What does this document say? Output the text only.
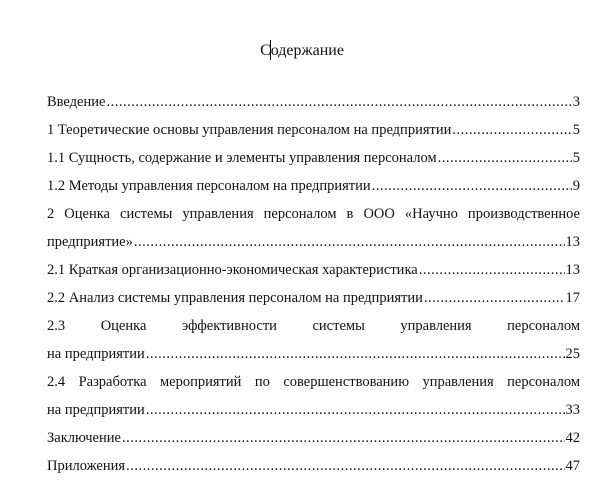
Содержание
Введение .....	3
1 Теоретические основы управления персоналом на предприятии .....	5
1.1 Сущность, содержание и элементы управления персоналом .....	5
1.2 Методы управления персоналом на предприятии .....	9
2 Оценка системы управления персоналом в ООО «Научно производственное
предприятие» .....	13
2.1 Краткая организационно-экономическая характеристика .....	13
2.2 Анализ системы управления персоналом на предприятии .....	17
2.3 Оценка эффективности системы управления персоналом
на предприятии .....	25
2.4 Разработка мероприятий по совершенствованию управления персоналом
на предприятии .....	33
Заключение .....	42
Приложения .....	47
